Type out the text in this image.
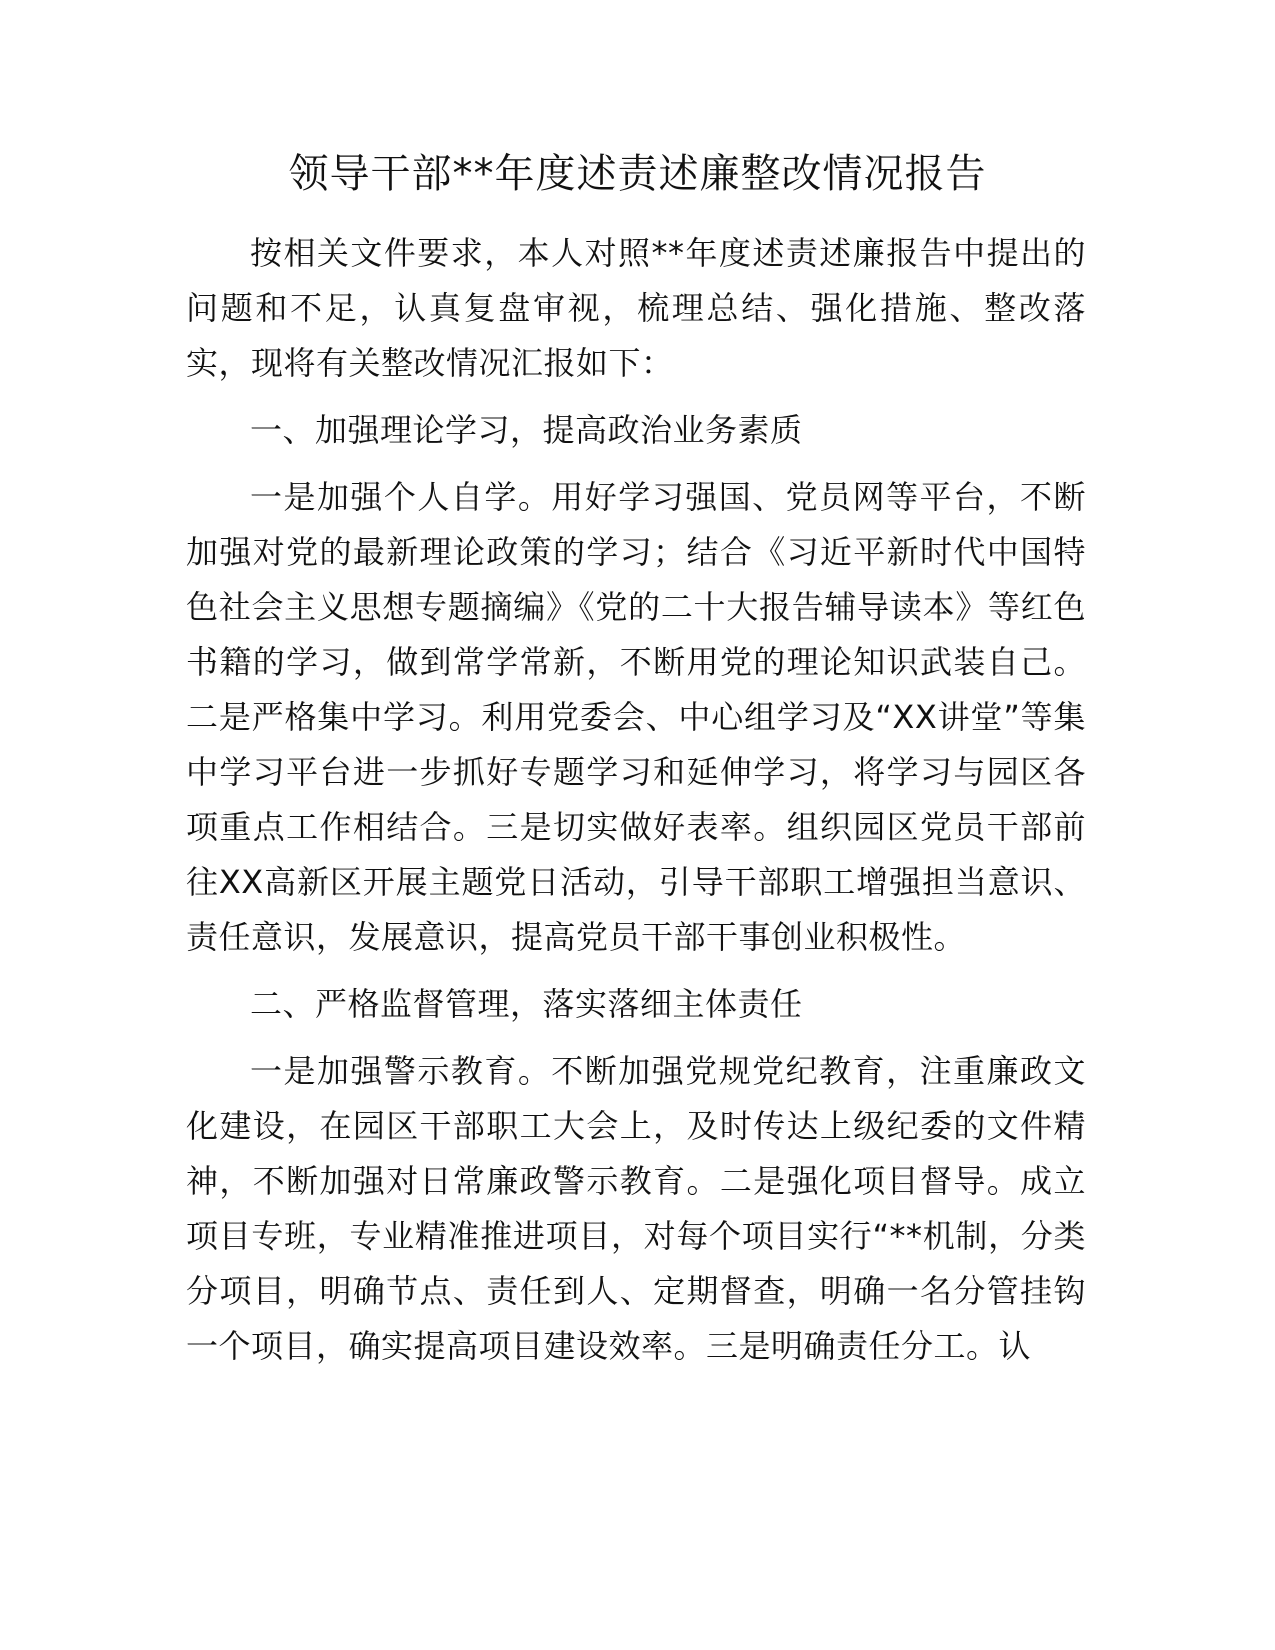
领导干部**年度述责述廉整改情况报告

按相关文件要求，本人对照**年度述责述廉报告中提出的问题和不足，认真复盘审视，梳理总结、强化措施、整改落实，现将有关整改情况汇报如下：

一、加强理论学习，提高政治业务素质

一是加强个人自学。用好学习强国、党员网等平台，不断加强对党的最新理论政策的学习；结合《习近平新时代中国特色社会主义思想专题摘编》《党的二十大报告辅导读本》等红色书籍的学习，做到常学常新，不断用党的理论知识武装自己。二是严格集中学习。利用党委会、中心组学习及“XX讲堂”等集中学习平台进一步抓好专题学习和延伸学习，将学习与园区各项重点工作相结合。三是切实做好表率。组织园区党员干部前往XX高新区开展主题党日活动，引导干部职工增强担当意识、责任意识，发展意识，提高党员干部干事创业积极性。

二、严格监督管理，落实落细主体责任

一是加强警示教育。不断加强党规党纪教育，注重廉政文化建设，在园区干部职工大会上，及时传达上级纪委的文件精神，不断加强对日常廉政警示教育。二是强化项目督导。成立项目专班，专业精准推进项目，对每个项目实行“**机制，分类分项目，明确节点、责任到人、定期督查，明确一名分管挂钩一个项目，确实提高项目建设效率。三是明确责任分工。认
